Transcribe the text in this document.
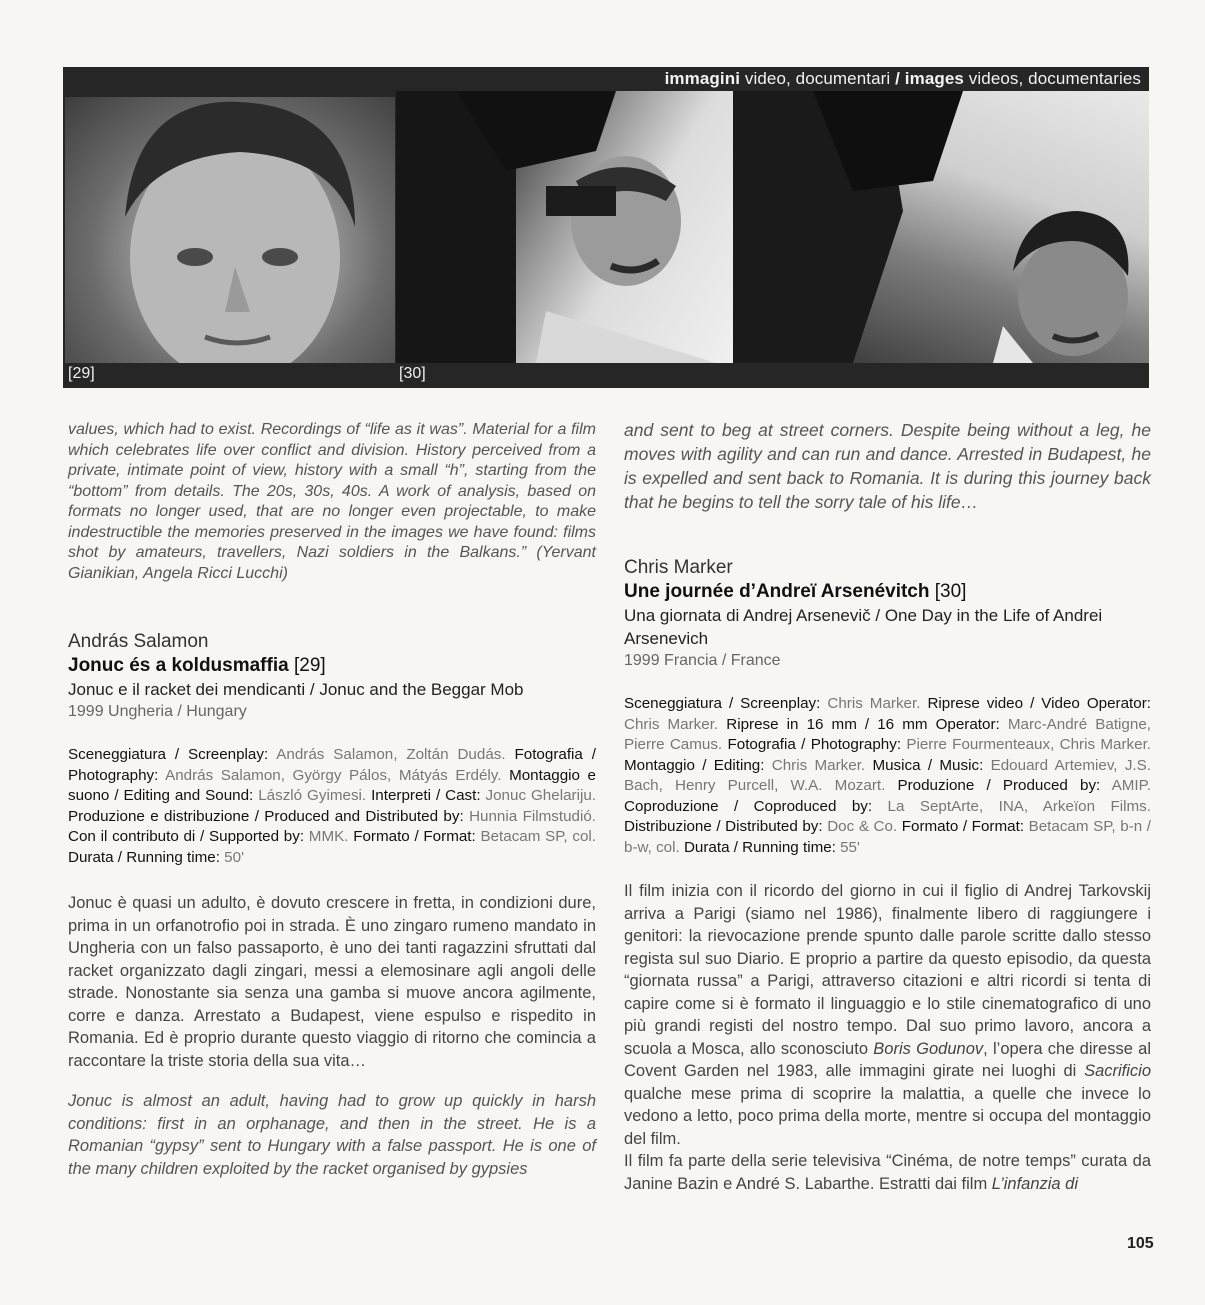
immagini video, documentari / images videos, documentaries
[29]	[30]

values, which had to exist. Recordings of “life as it was”. Material for a film which celebrates life over conflict and division. History perceived from a private, intimate point of view, history with a small “h”, starting from the “bottom” from details. The 20s, 30s, 40s. A work of analysis, based on formats no longer used, that are no longer even projectable, to make indestructible the memories preserved in the images we have found: films shot by amateurs, travellers, Nazi soldiers in the Balkans.” (Yervant Gianikian, Angela Ricci Lucchi)

András Salamon

Jonuc és a koldusmaffia [29]

Jonuc e il racket dei mendicanti / Jonuc and the Beggar Mob

1999 Ungheria / Hungary

Sceneggiatura / Screenplay: András Salamon, Zoltán Dudás. Fotografia / Photography: András Salamon, György Pálos, Mátyás Erdély. Montaggio e suono / Editing and Sound: László Gyimesi. Interpreti / Cast: Jonuc Ghelariju. Produzione e distribuzione / Produced and Distributed by: Hunnia Filmstudió. Con il contributo di / Supported by: MMK. Formato / Format: Betacam SP, col. Durata / Running time: 50'

Jonuc è quasi un adulto, è dovuto crescere in fretta, in condizioni dure, prima in un orfanotrofio poi in strada. È uno zingaro rumeno mandato in Ungheria con un falso passaporto, è uno dei tanti ragazzini sfruttati dal racket organizzato dagli zingari, messi a elemosinare agli angoli delle strade. Nonostante sia senza una gamba si muove ancora agilmente, corre e danza. Arrestato a Budapest, viene espulso e rispedito in Romania. Ed è proprio durante questo viaggio di ritorno che comincia a raccontare la triste storia della sua vita…

Jonuc is almost an adult, having had to grow up quickly in harsh conditions: first in an orphanage, and then in the street. He is a Romanian “gypsy” sent to Hungary with a false passport. He is one of the many children exploited by the racket organised by gypsies

and sent to beg at street corners. Despite being without a leg, he moves with agility and can run and dance. Arrested in Budapest, he is expelled and sent back to Romania. It is during this journey back that he begins to tell the sorry tale of his life…

Chris Marker

Une journée d’Andreï Arsenévitch [30]

Una giornata di Andrej Arsenevič / One Day in the Life of Andrei Arsenevich

1999 Francia / France

Sceneggiatura / Screenplay: Chris Marker. Riprese video / Video Operator: Chris Marker. Riprese in 16 mm / 16 mm Operator: Marc-André Batigne, Pierre Camus. Fotografia / Photography: Pierre Fourmenteaux, Chris Marker. Montaggio / Editing: Chris Marker. Musica / Music: Edouard Artemiev, J.S. Bach, Henry Purcell, W.A. Mozart. Produzione / Produced by: AMIP. Coproduzione / Coproduced by: La SeptArte, INA, Arkeïon Films. Distribuzione / Distributed by: Doc & Co. Formato / Format: Betacam SP, b-n / b-w, col. Durata / Running time: 55'

Il film inizia con il ricordo del giorno in cui il figlio di Andrej Tarkovskij arriva a Parigi (siamo nel 1986), finalmente libero di raggiungere i genitori: la rievocazione prende spunto dalle parole scritte dallo stesso regista sul suo Diario. E proprio a partire da questo episodio, da questa “giornata russa” a Parigi, attraverso citazioni e altri ricordi si tenta di capire come si è formato il linguaggio e lo stile cinematografico di uno più grandi registi del nostro tempo. Dal suo primo lavoro, ancora a scuola a Mosca, allo sconosciuto Boris Godunov, l’opera che diresse al Covent Garden nel 1983, alle immagini girate nei luoghi di Sacrificio qualche mese prima di scoprire la malattia, a quelle che invece lo vedono a letto, poco prima della morte, mentre si occupa del montaggio del film.

Il film fa parte della serie televisiva “Cinéma, de notre temps” curata da Janine Bazin e André S. Labarthe. Estratti dai film L’infanzia di

105
